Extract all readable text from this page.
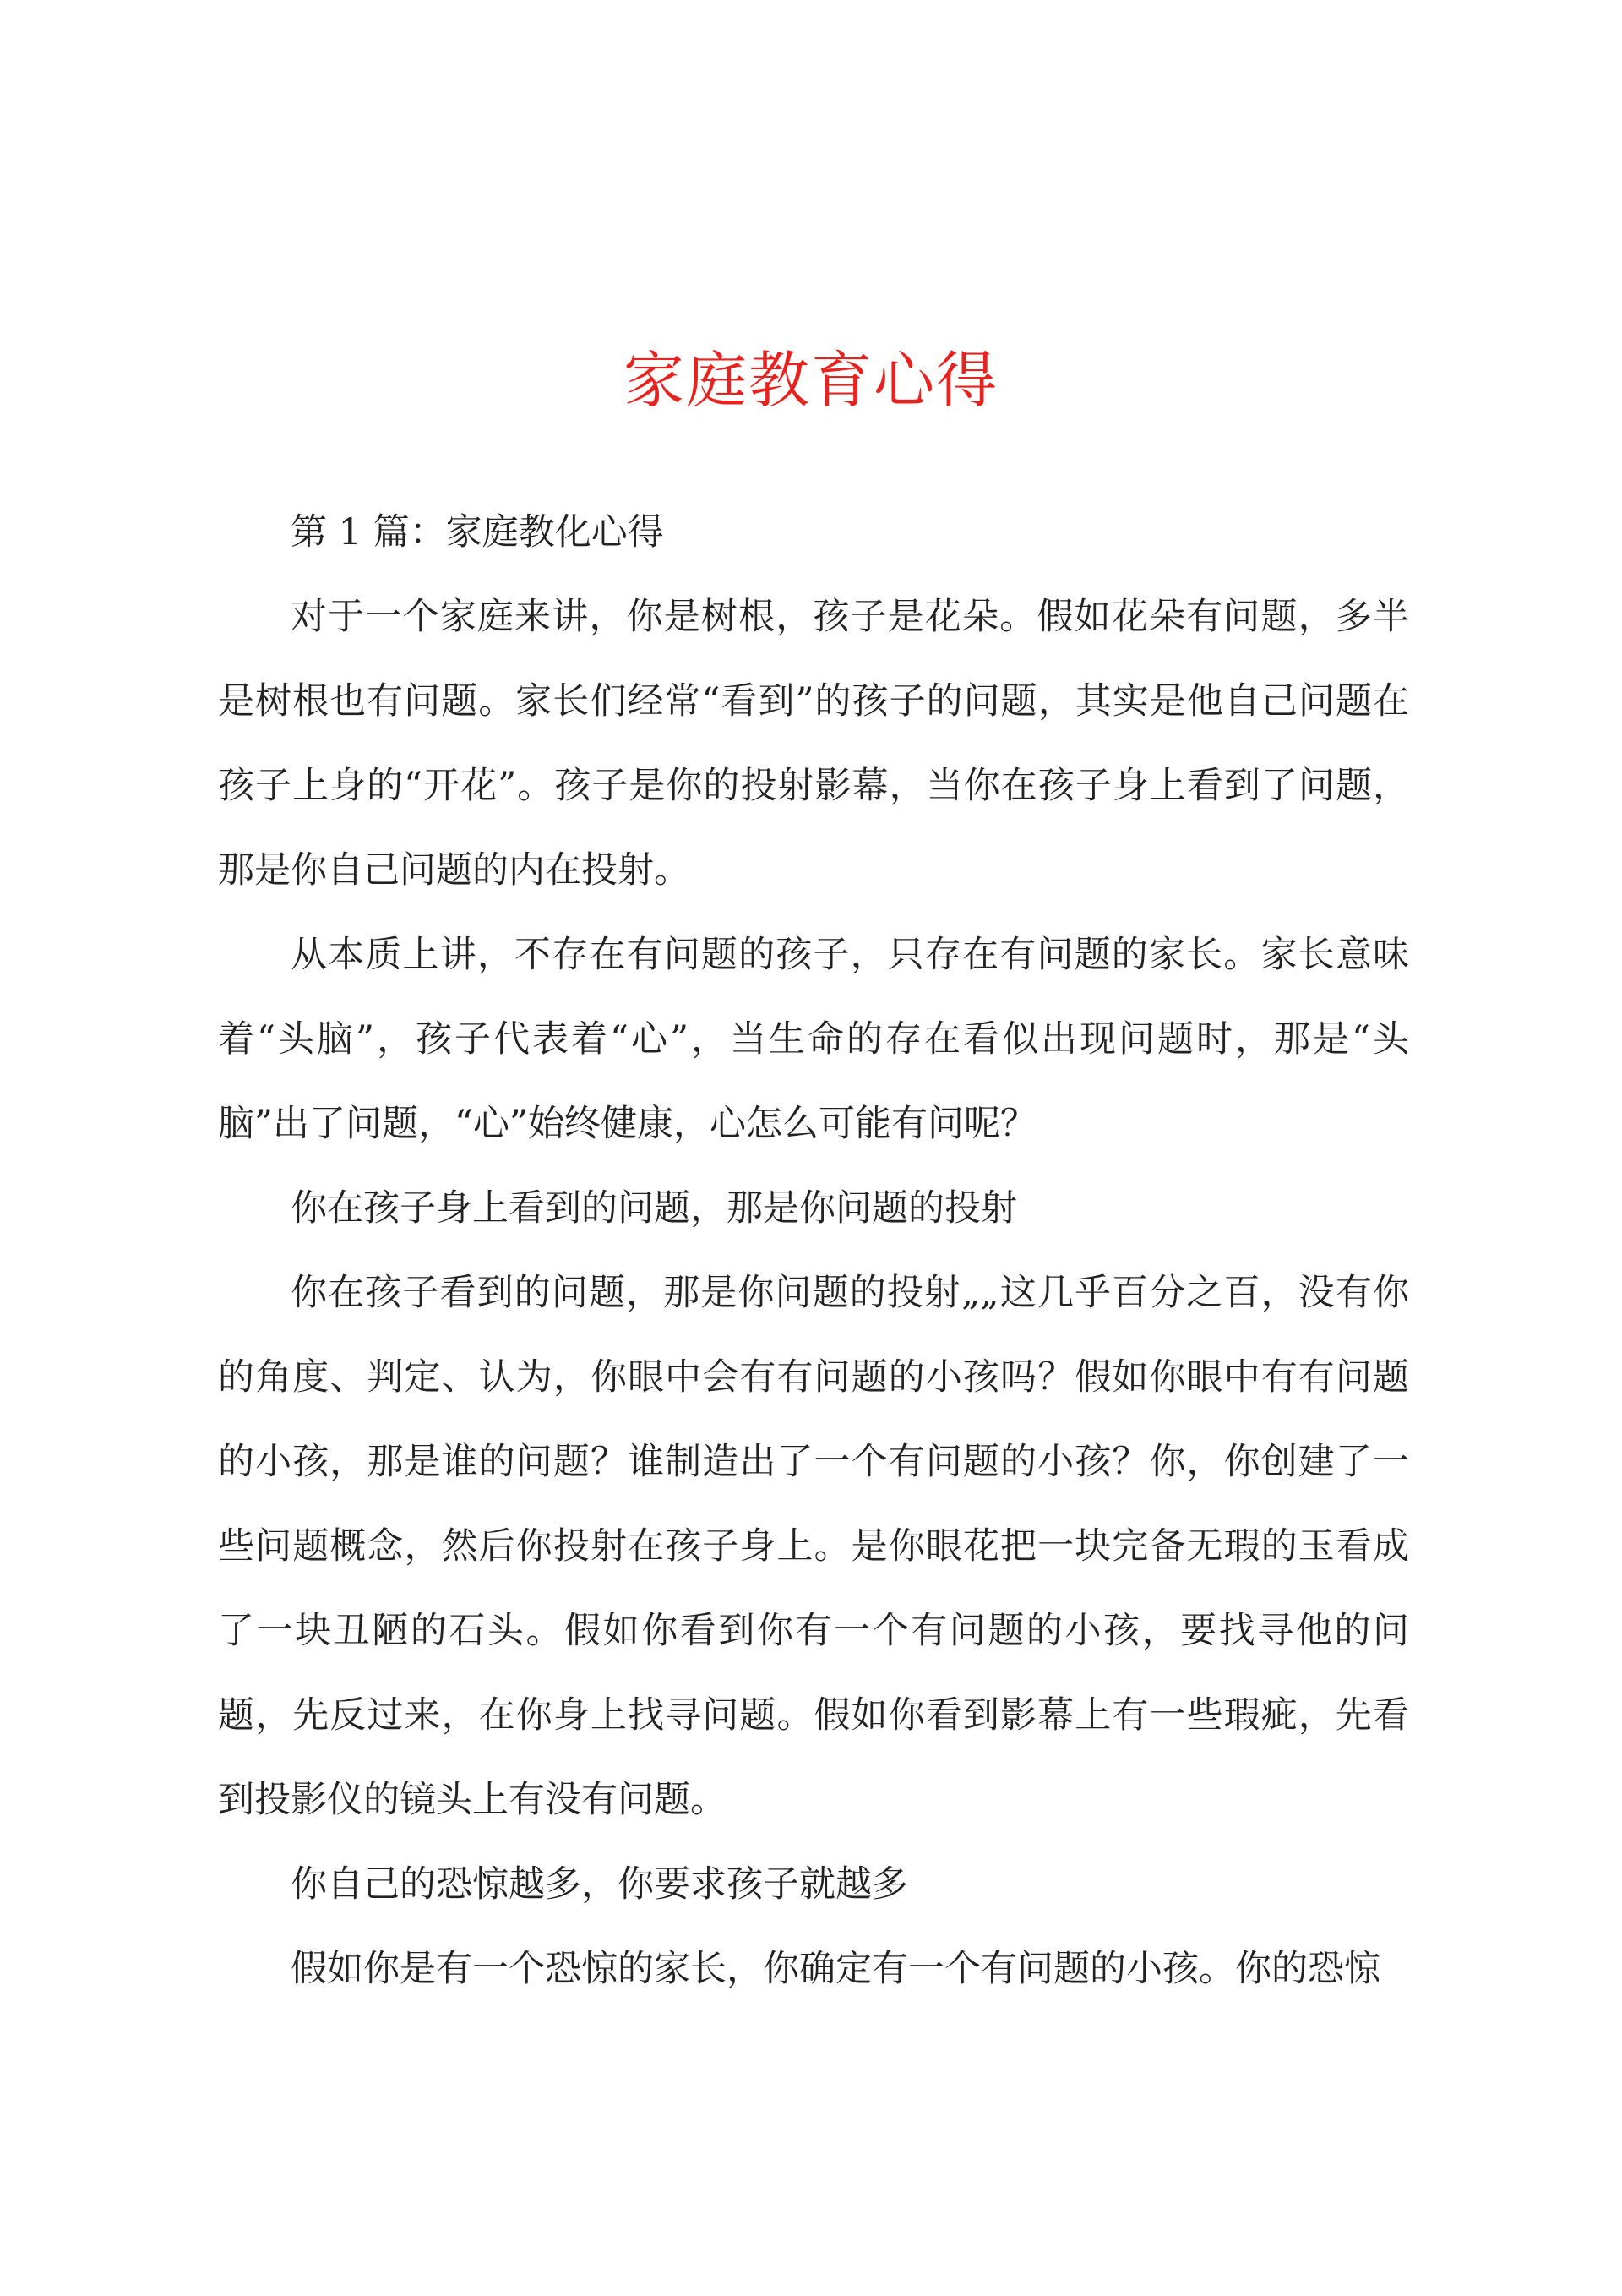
家庭教育心得

第 1 篇：家庭教化心得

对于一个家庭来讲，你是树根，孩子是花朵。假如花朵有问题，多半是树根也有问题。家长们经常“看到”的孩子的问题，其实是他自己问题在孩子上身的“开花”。孩子是你的投射影幕，当你在孩子身上看到了问题，那是你自己问题的内在投射。

从本质上讲，不存在有问题的孩子，只存在有问题的家长。家长意味着“头脑”，孩子代表着“心”，当生命的存在看似出现问题时，那是“头脑”出了问题，“心”始终健康，心怎么可能有问呢？

你在孩子身上看到的问题，那是你问题的投射

你在孩子看到的问题，那是你问题的投射„„这几乎百分之百，没有你的角度、判定、认为，你眼中会有有问题的小孩吗？假如你眼中有有问题的小孩，那是谁的问题？谁制造出了一个有问题的小孩？你，你创建了一些问题概念，然后你投射在孩子身上。是你眼花把一块完备无瑕的玉看成了一块丑陋的石头。假如你看到你有一个有问题的小孩，要找寻他的问题，先反过来，在你身上找寻问题。假如你看到影幕上有一些瑕疵，先看到投影仪的镜头上有没有问题。

你自己的恐惊越多，你要求孩子就越多

假如你是有一个恐惊的家长，你确定有一个有问题的小孩。你的恐惊
